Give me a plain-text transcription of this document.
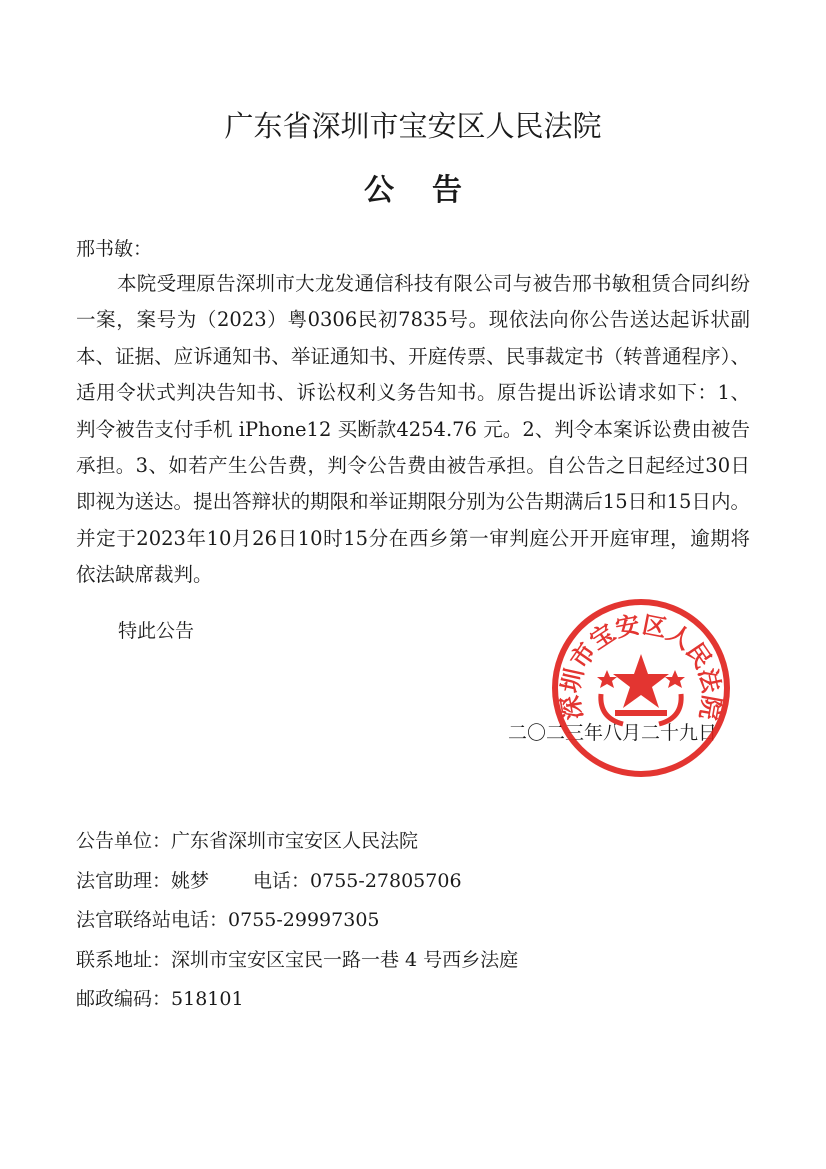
广东省深圳市宝安区人民法院
公告
邢书敏：
本院受理原告深圳市大龙发通信科技有限公司与被告邢书敏租赁合同纠纷一案，案号为（2023）粤0306民初7835号。现依法向你公告送达起诉状副本、证据、应诉通知书、举证通知书、开庭传票、民事裁定书（转普通程序）、适用令状式判决告知书、诉讼权利义务告知书。原告提出诉讼请求如下：1、判令被告支付手机 iPhone12 买断款4254.76 元。2、判令本案诉讼费由被告承担。3、如若产生公告费，判令公告费由被告承担。自公告之日起经过30日即视为送达。提出答辩状的期限和举证期限分别为公告期满后15日和15日内。并定于2023年10月26日10时15分在西乡第一审判庭公开开庭审理，逾期将依法缺席裁判。
特此公告
二〇二三年八月二十九日
深圳市宝安区人民法院
公告单位：广东省深圳市宝安区人民法院
法官助理：姚梦 电话：0755-27805706
法官联络站电话：0755-29997305
联系地址：深圳市宝安区宝民一路一巷 4 号西乡法庭
邮政编码：518101
